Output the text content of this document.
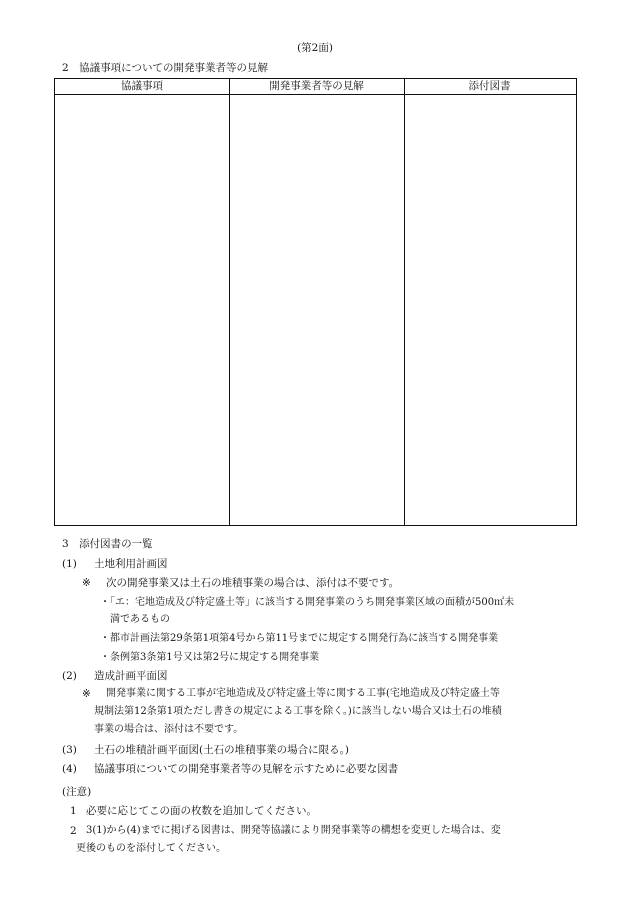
(第2面)
2　協議事項についての開発事業者等の見解
協議事項	開発事業者等の見解	添付図書
3　添付図書の一覧
(1) 土地利用計画図
※ 次の開発事業又は土石の堆積事業の場合は、添付は不要です。
・「エ：宅地造成及び特定盛土等」に該当する開発事業のうち開発事業区域の面積が500㎡未
満であるもの
・都市計画法第29条第1項第4号から第11号までに規定する開発行為に該当する開発事業
・条例第3条第1号又は第2号に規定する開発事業
(2) 造成計画平面図
※ 開発事業に関する工事が宅地造成及び特定盛土等に関する工事(宅地造成及び特定盛土等
規制法第12条第1項ただし書きの規定による工事を除く。)に該当しない場合又は土石の堆積
事業の場合は、添付は不要です。
(3) 土石の堆積計画平面図(土石の堆積事業の場合に限る。)
(4) 協議事項についての開発事業者等の見解を示すために必要な図書
(注意)
1 必要に応じてこの面の枚数を追加してください。
2 3(1)から(4)までに掲げる図書は、開発等協議により開発事業等の構想を変更した場合は、変
更後のものを添付してください。
